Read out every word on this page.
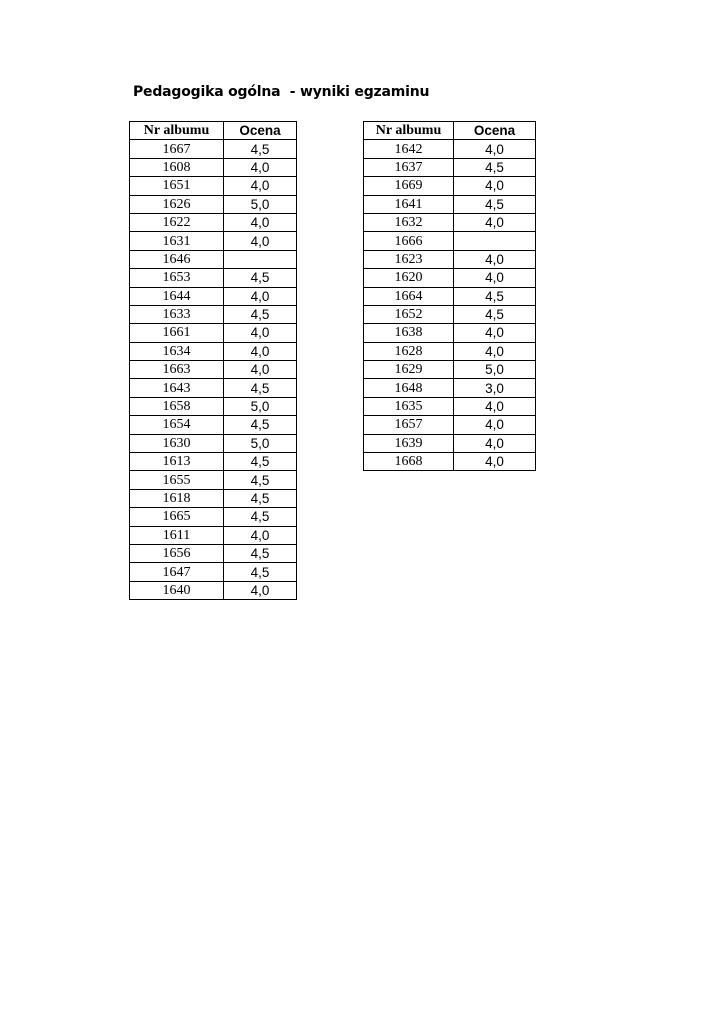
Pedagogika ogólna  - wyniki egzaminu
Nr albumu	Ocena
1667	4,5
1608	4,0
1651	4,0
1626	5,0
1622	4,0
1631	4,0
1646	
1653	4,5
1644	4,0
1633	4,5
1661	4,0
1634	4,0
1663	4,0
1643	4,5
1658	5,0
1654	4,5
1630	5,0
1613	4,5
1655	4,5
1618	4,5
1665	4,5
1611	4,0
1656	4,5
1647	4,5
1640	4,0
Nr albumu	Ocena
1642	4,0
1637	4,5
1669	4,0
1641	4,5
1632	4,0
1666	
1623	4,0
1620	4,0
1664	4,5
1652	4,5
1638	4,0
1628	4,0
1629	5,0
1648	3,0
1635	4,0
1657	4,0
1639	4,0
1668	4,0
